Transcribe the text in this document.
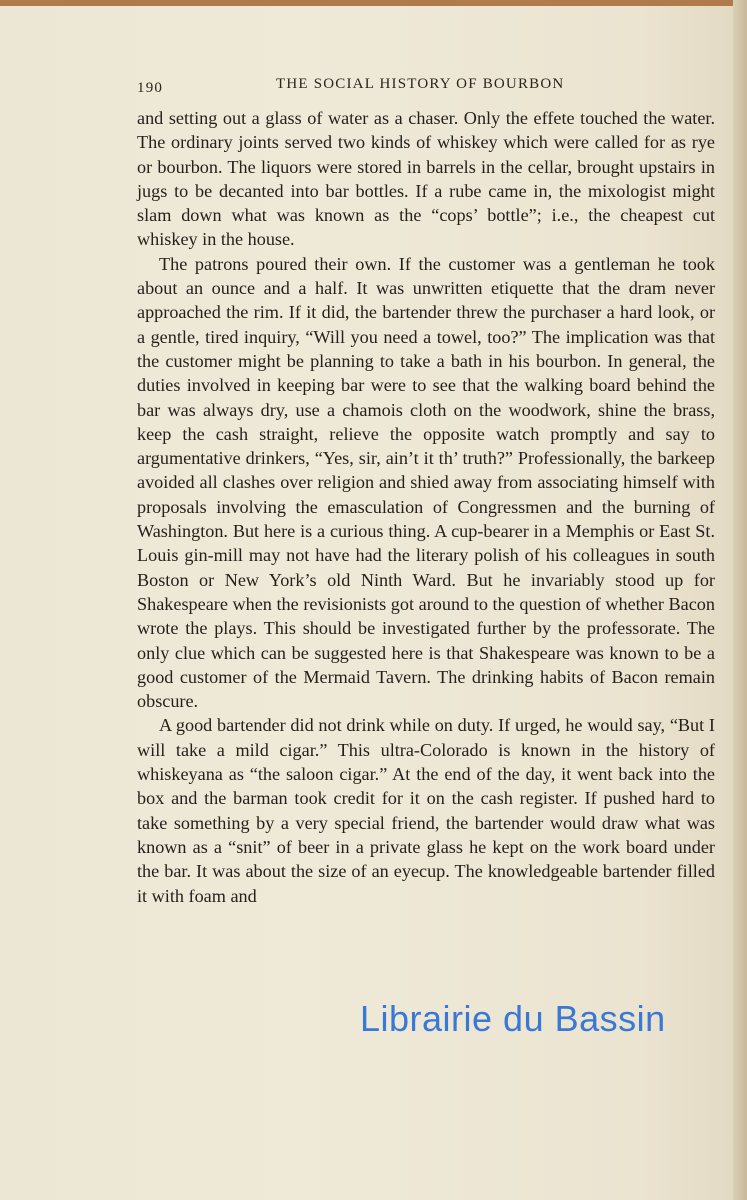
190	THE SOCIAL HISTORY OF BOURBON

and setting out a glass of water as a chaser. Only the effete touched the water. The ordinary joints served two kinds of whiskey which were called for as rye or bourbon. The liquors were stored in barrels in the cellar, brought upstairs in jugs to be decanted into bar bottles. If a rube came in, the mixologist might slam down what was known as the “cops’ bottle”; i.e., the cheapest cut whiskey in the house.

The patrons poured their own. If the customer was a gentleman he took about an ounce and a half. It was unwritten etiquette that the dram never approached the rim. If it did, the bartender threw the purchaser a hard look, or a gentle, tired inquiry, “Will you need a towel, too?” The implication was that the customer might be planning to take a bath in his bourbon. In general, the duties involved in keeping bar were to see that the walking board behind the bar was always dry, use a chamois cloth on the woodwork, shine the brass, keep the cash straight, relieve the opposite watch promptly and say to argumentative drinkers, “Yes, sir, ain’t it th’ truth?” Professionally, the barkeep avoided all clashes over religion and shied away from associating himself with proposals involving the emasculation of Congressmen and the burning of Washington. But here is a curious thing. A cup-bearer in a Memphis or East St. Louis gin-mill may not have had the literary polish of his colleagues in south Boston or New York’s old Ninth Ward. But he invariably stood up for Shakespeare when the revisionists got around to the question of whether Bacon wrote the plays. This should be investigated further by the professorate. The only clue which can be suggested here is that Shakespeare was known to be a good customer of the Mermaid Tavern. The drinking habits of Bacon remain obscure.

A good bartender did not drink while on duty. If urged, he would say, “But I will take a mild cigar.” This ultra-Colorado is known in the history of whiskeyana as “the saloon cigar.” At the end of the day, it went back into the box and the barman took credit for it on the cash register. If pushed hard to take something by a very special friend, the bartender would draw what was known as a “snit” of beer in a private glass he kept on the work board under the bar. It was about the size of an eyecup. The knowledgeable bartender filled it with foam and

Librairie du Bassin
